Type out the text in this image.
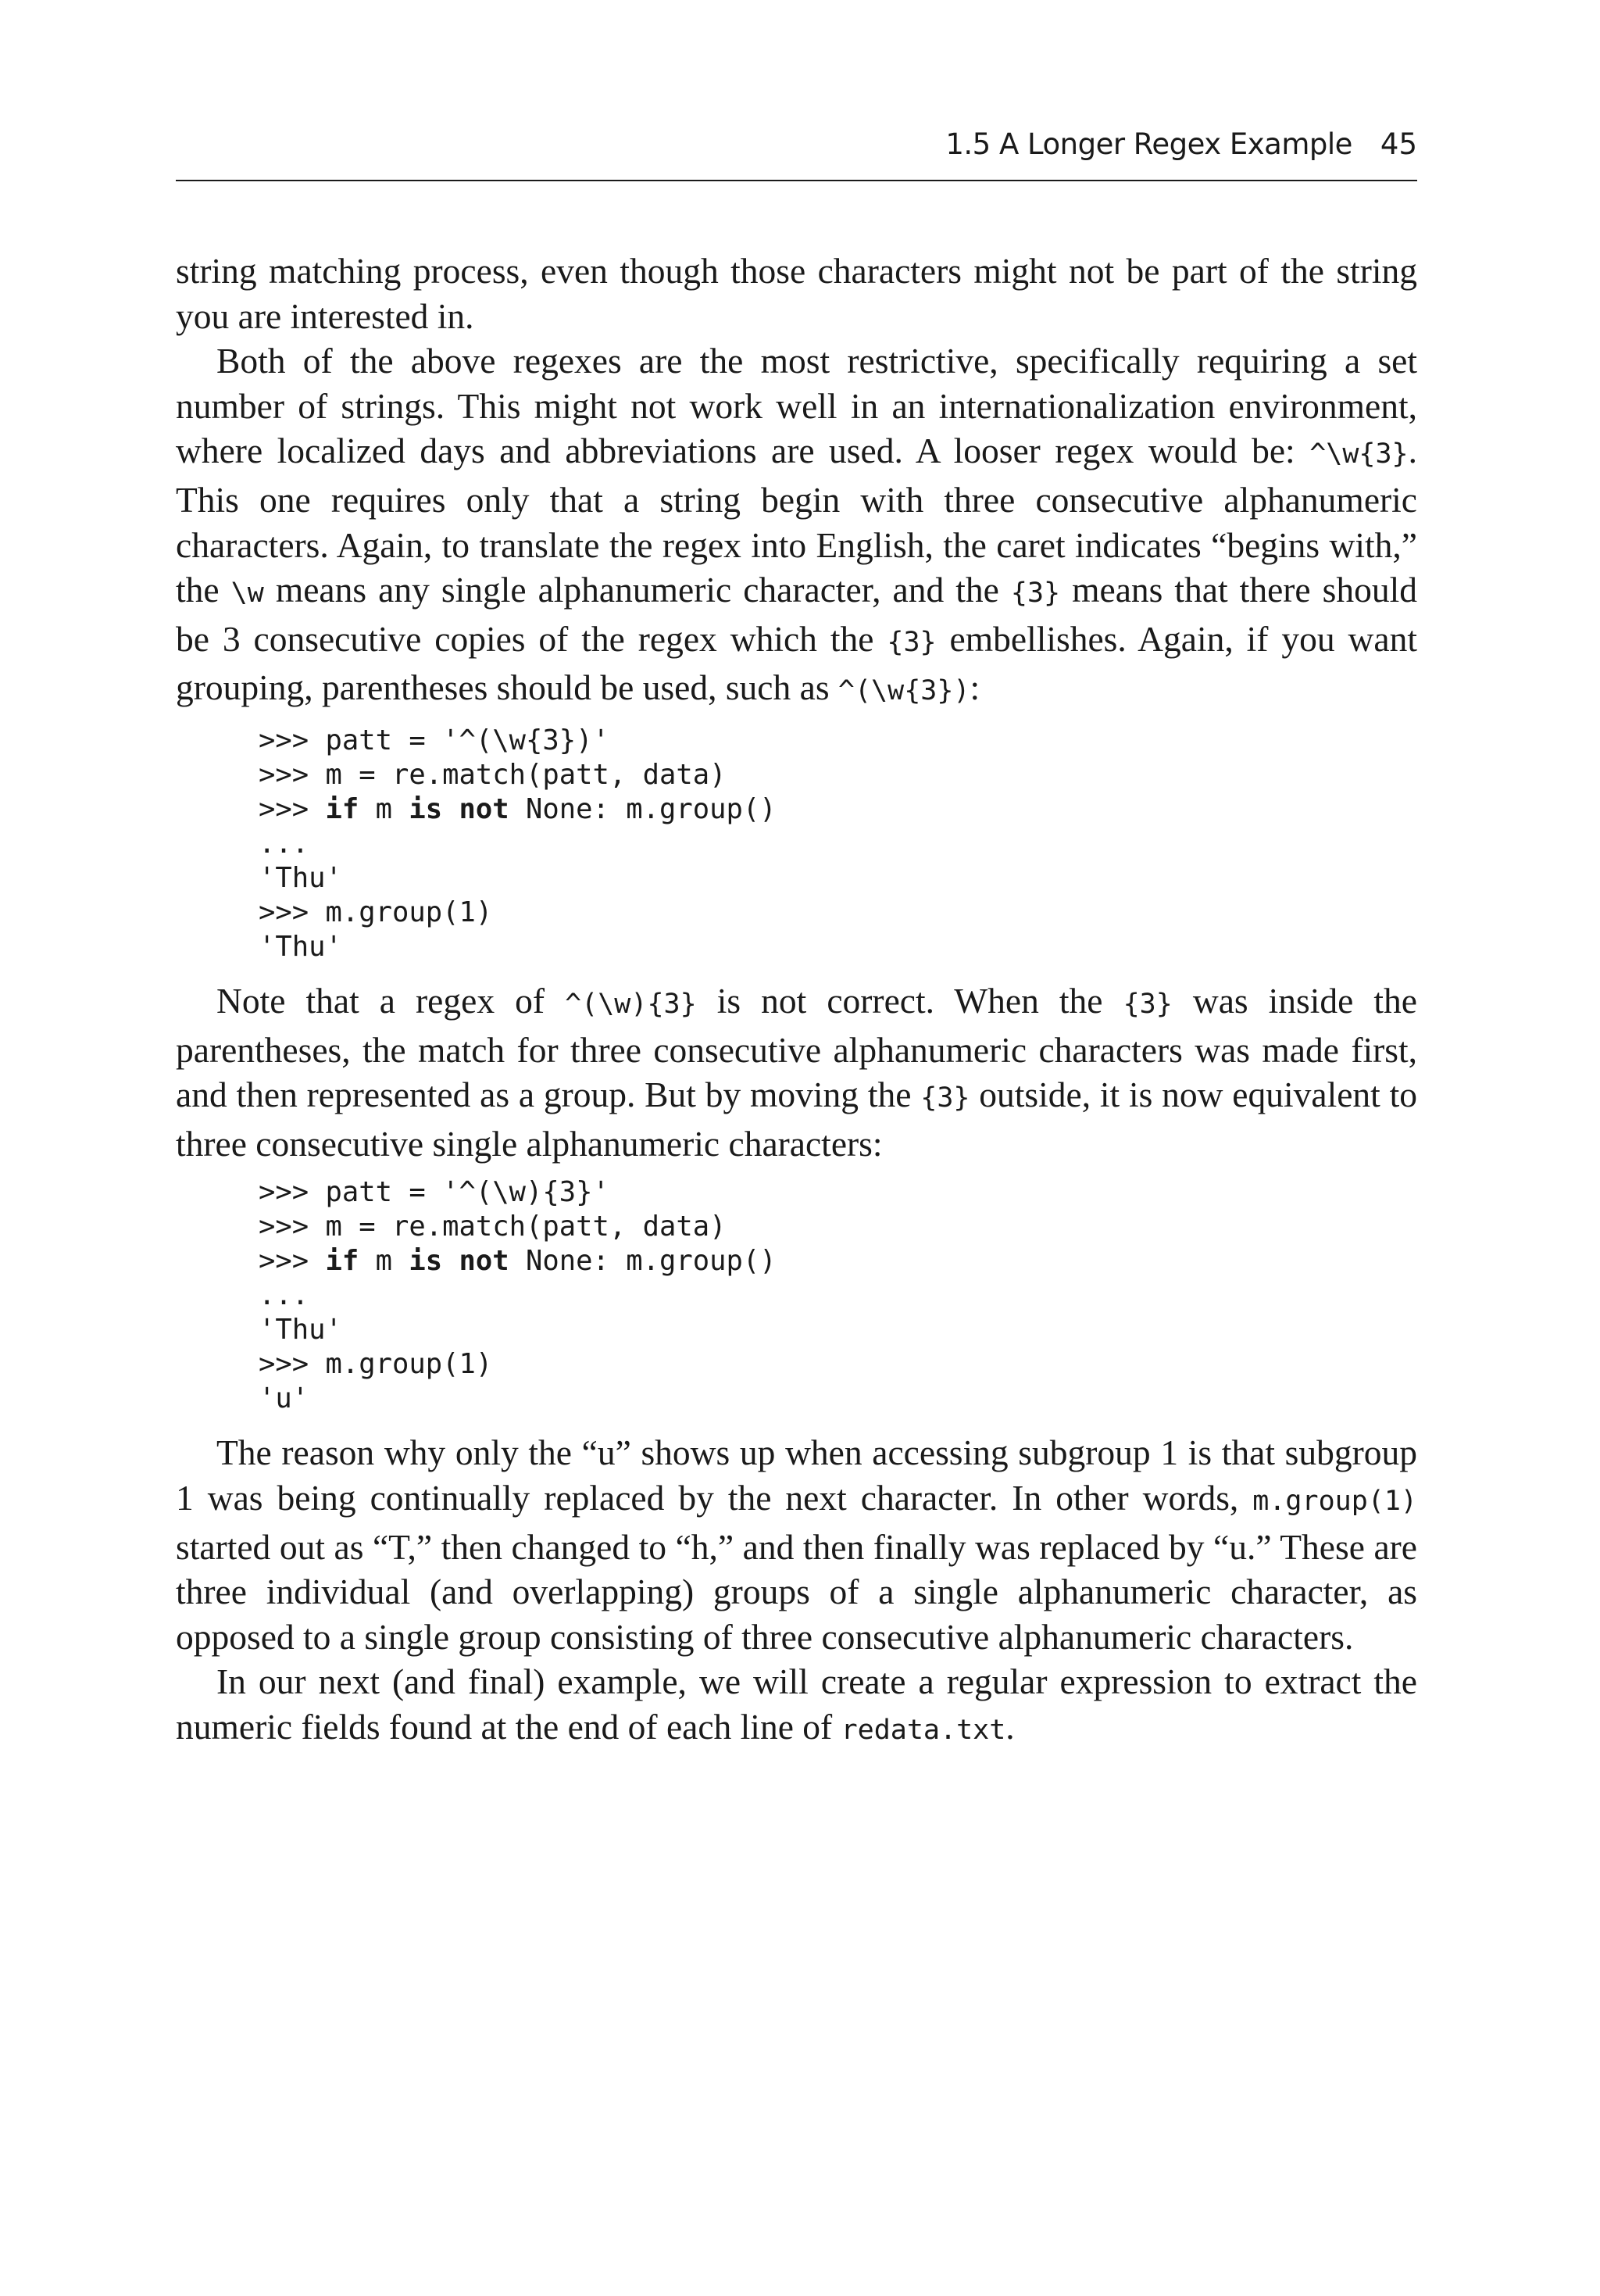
1.5 A Longer Regex Example 45

string matching process, even though those characters might not be part of the string you are interested in.

Both of the above regexes are the most restrictive, specifically requiring a set number of strings. This might not work well in an internationalization environment, where localized days and abbreviations are used. A looser regex would be: ^\w{3}. This one requires only that a string begin with three consecutive alphanumeric characters. Again, to translate the regex into English, the caret indicates “begins with,” the \w means any single alphanumeric character, and the {3} means that there should be 3 consecutive copies of the regex which the {3} embellishes. Again, if you want grouping, parentheses should be used, such as ^(\w{3}):

>>> patt = '^(\w{3})'
>>> m = re.match(patt, data)
>>> if m is not None: m.group()
...
'Thu'
>>> m.group(1)
'Thu'

Note that a regex of ^(\w){3} is not correct. When the {3} was inside the parentheses, the match for three consecutive alphanumeric characters was made first, and then represented as a group. But by moving the {3} outside, it is now equivalent to three consecutive single alphanumeric characters:

>>> patt = '^(\w){3}'
>>> m = re.match(patt, data)
>>> if m is not None: m.group()
...
'Thu'
>>> m.group(1)
'u'

The reason why only the “u” shows up when accessing subgroup 1 is that subgroup 1 was being continually replaced by the next character. In other words, m.group(1) started out as “T,” then changed to “h,” and then finally was replaced by “u.” These are three individual (and overlapping) groups of a single alphanumeric character, as opposed to a single group consisting of three consecutive alphanumeric characters.

In our next (and final) example, we will create a regular expression to extract the numeric fields found at the end of each line of redata.txt.
